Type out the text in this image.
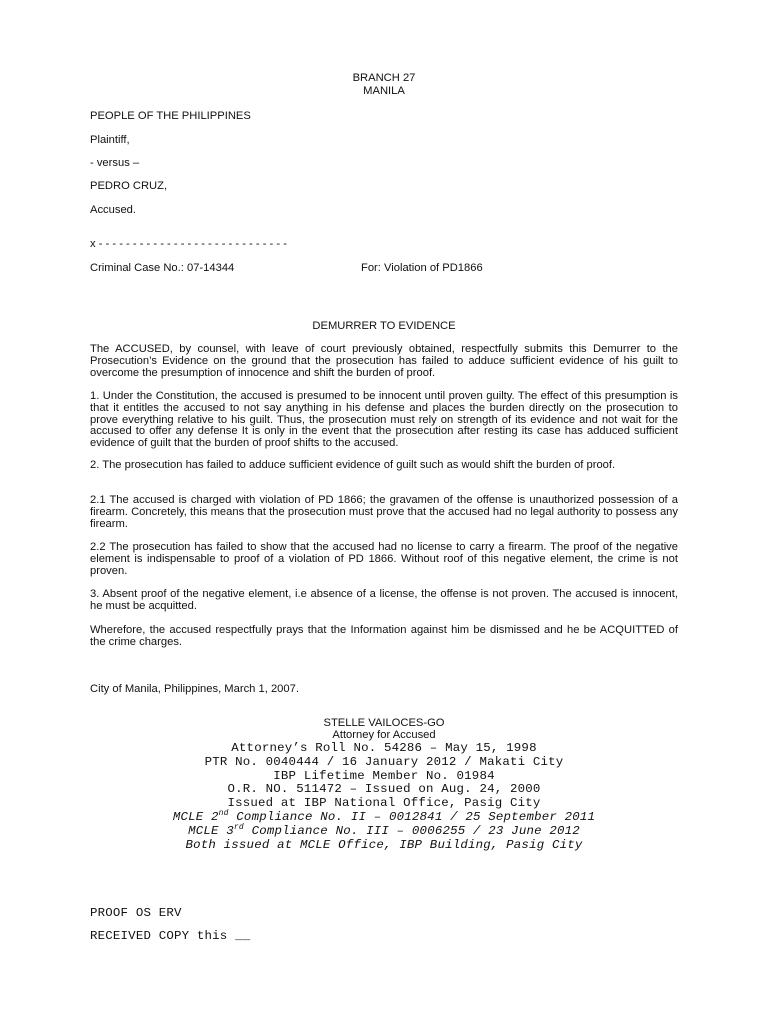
BRANCH 27
MANILA
PEOPLE OF THE PHILIPPINES
Plaintiff,
- versus –
PEDRO CRUZ,
Accused.
x - - - - - - - - - - - - - - - - - - - - - - - - - - - -
Criminal Case No.: 07-14344	For: Violation of PD1866
DEMURRER TO EVIDENCE
The ACCUSED, by counsel, with leave of court previously obtained, respectfully submits this Demurrer to the Prosecution’s Evidence on the ground that the prosecution has failed to adduce sufficient evidence of his guilt to overcome the presumption of innocence and shift the burden of proof.
1. Under the Constitution, the accused is presumed to be innocent until proven guilty. The effect of this presumption is that it entitles the accused to not say anything in his defense and places the burden directly on the prosecution to prove everything relative to his guilt. Thus, the prosecution must rely on strength of its evidence and not wait for the accused to offer any defense It is only in the event that the prosecution after resting its case has adduced sufficient evidence of guilt that the burden of proof shifts to the accused.
2. The prosecution has failed to adduce sufficient evidence of guilt such as would shift the burden of proof.
2.1 The accused is charged with violation of PD 1866; the gravamen of the offense is unauthorized possession of a firearm. Concretely, this means that the prosecution must prove that the accused had no legal authority to possess any firearm.
2.2 The prosecution has failed to show that the accused had no license to carry a firearm. The proof of the negative element is indispensable to proof of a violation of PD 1866. Without roof of this negative element, the crime is not proven.
3. Absent proof of the negative element, i.e absence of a license, the offense is not proven. The accused is innocent, he must be acquitted.
Wherefore, the accused respectfully prays that the Information against him be dismissed and he be ACQUITTED of the crime charges.
City of Manila, Philippines, March 1, 2007.
STELLE VAILOCES-GO
Attorney for Accused
Attorney’s Roll No. 54286 – May 15, 1998
PTR No. 0040444 / 16 January 2012 / Makati City
IBP Lifetime Member No. 01984
O.R. NO. 511472 – Issued on Aug. 24, 2000
Issued at IBP National Office, Pasig City
MCLE 2nd Compliance No. II – 0012841 / 25 September 2011
MCLE 3rd Compliance No. III – 0006255 / 23 June 2012
Both issued at MCLE Office, IBP Building, Pasig City
PROOF OS ERV
RECEIVED COPY this __
